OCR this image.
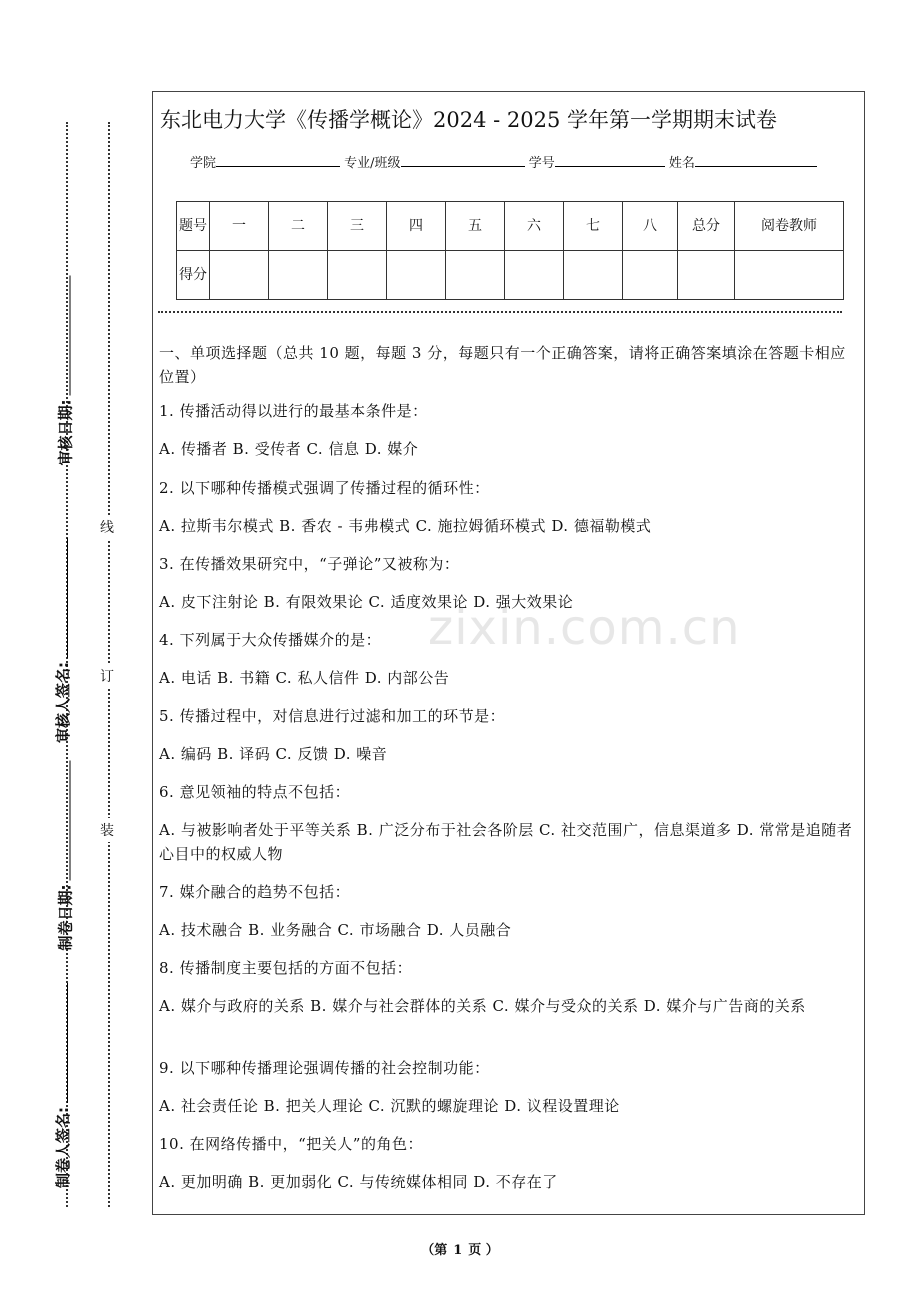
审核日期:
审核人签名:
制卷日期:
制卷人签名:
线
订
装
东北电力大学《传播学概论》2024 - 2025 学年第一学期期末试卷
学院	专业/班级	学号	姓名
题号	一	二	三	四	五	六	七	八	总分	阅卷教师
得分										
一、单项选择题（总共 10 题，每题 3 分，每题只有一个正确答案，请将正确答案填涂在答题卡相应位置）
1. 传播活动得以进行的最基本条件是：
A. 传播者 B. 受传者 C. 信息 D. 媒介
2. 以下哪种传播模式强调了传播过程的循环性：
A. 拉斯韦尔模式 B. 香农 - 韦弗模式 C. 施拉姆循环模式 D. 德福勒模式
3. 在传播效果研究中，“子弹论”又被称为：
A. 皮下注射论 B. 有限效果论 C. 适度效果论 D. 强大效果论
4. 下列属于大众传播媒介的是：
A. 电话 B. 书籍 C. 私人信件 D. 内部公告
5. 传播过程中，对信息进行过滤和加工的环节是：
A. 编码 B. 译码 C. 反馈 D. 噪音
6. 意见领袖的特点不包括：
A. 与被影响者处于平等关系 B. 广泛分布于社会各阶层 C. 社交范围广，信息渠道多 D. 常常是追随者心目中的权威人物
7. 媒介融合的趋势不包括：
A. 技术融合 B. 业务融合 C. 市场融合 D. 人员融合
8. 传播制度主要包括的方面不包括：
A. 媒介与政府的关系 B. 媒介与社会群体的关系 C. 媒介与受众的关系 D. 媒介与广告商的关系
9. 以下哪种传播理论强调传播的社会控制功能：
A. 社会责任论 B. 把关人理论 C. 沉默的螺旋理论 D. 议程设置理论
10. 在网络传播中，“把关人”的角色：
A. 更加明确 B. 更加弱化 C. 与传统媒体相同 D. 不存在了
zixin.com.cn
（第 1 页 ）
